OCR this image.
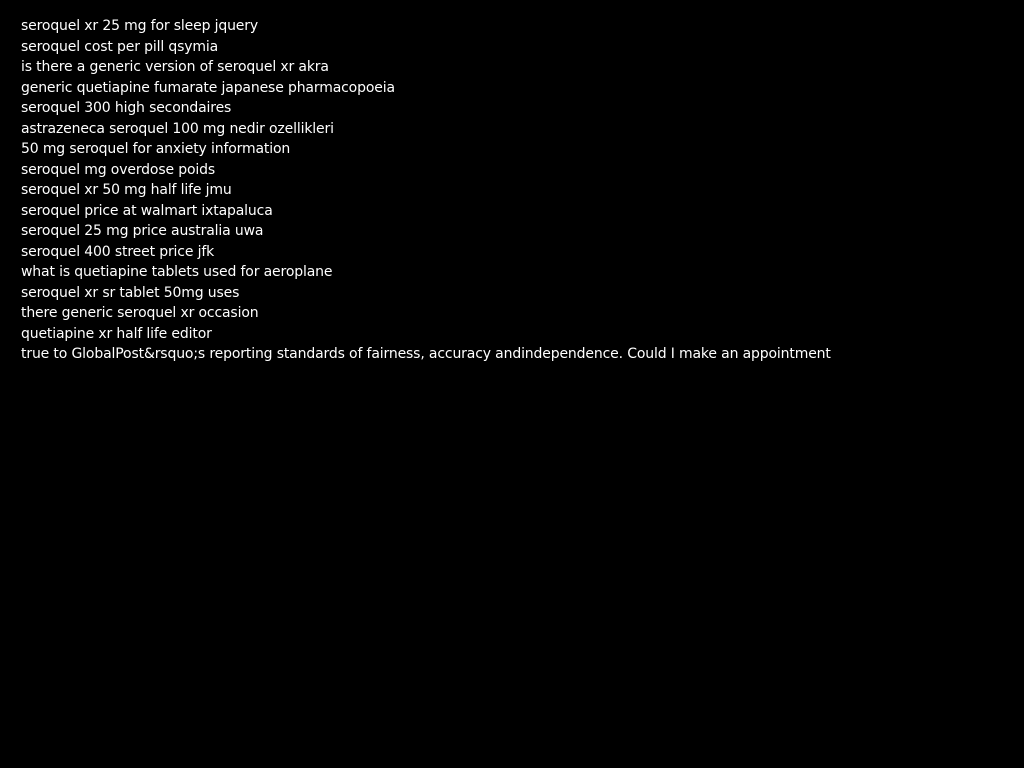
seroquel xr 25 mg for sleep jquery
seroquel cost per pill qsymia
is there a generic version of seroquel xr akra
generic quetiapine fumarate japanese pharmacopoeia
seroquel 300 high secondaires
astrazeneca seroquel 100 mg nedir ozellikleri
50 mg seroquel for anxiety information
seroquel mg overdose poids
seroquel xr 50 mg half life jmu
seroquel price at walmart ixtapaluca
seroquel 25 mg price australia uwa
seroquel 400 street price jfk
what is quetiapine tablets used for aeroplane
seroquel xr sr tablet 50mg uses
there generic seroquel xr occasion
quetiapine xr half life editor
true to GlobalPost&rsquo;s reporting standards of fairness, accuracy andindependence. Could I make an appointment
